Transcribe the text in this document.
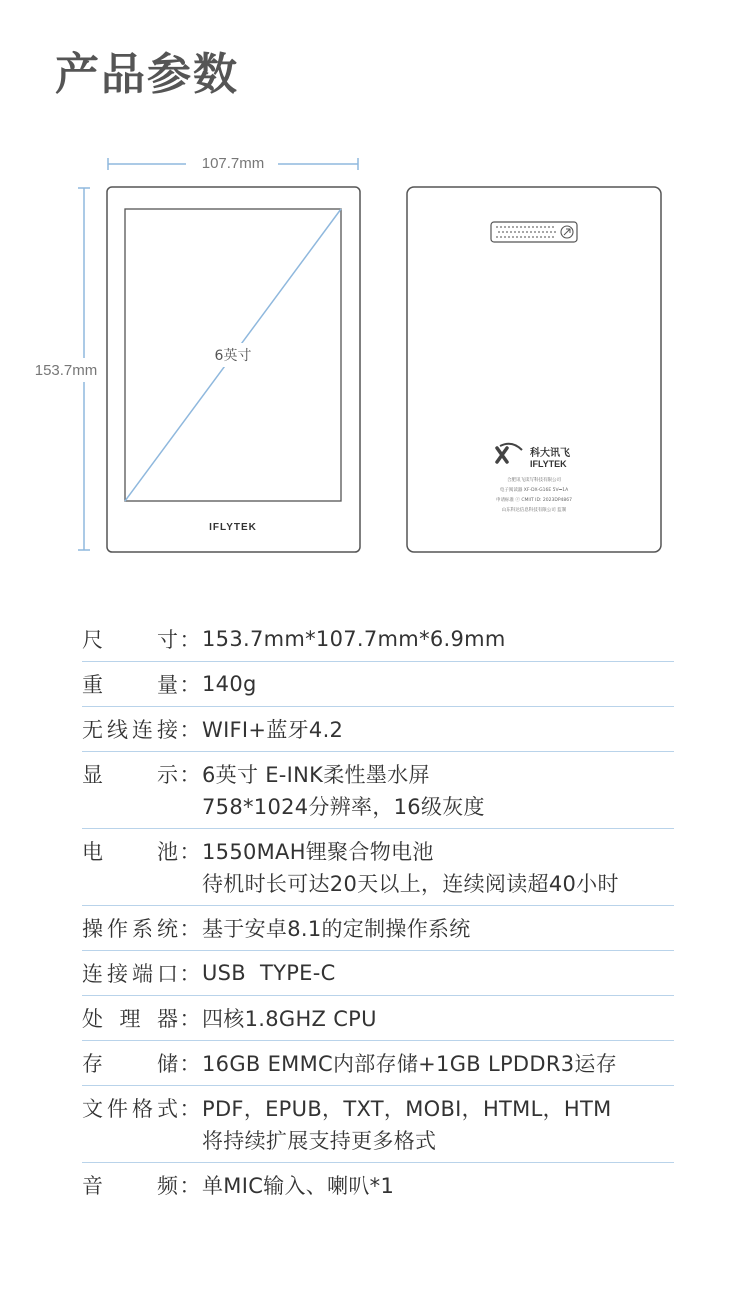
产品参数
107.7mm
153.7mm
6英寸
IFLYTEK
科大讯飞
IFLYTEK
合肥讯飞读写科技有限公司
电子阅读器 XF-DX-G16E 5V⎓1A
申请标准 ⓒ CMIIT ID: 2023DP4867
山东科达信息科技有限公司 监制
尺寸 ： 153.7mm*107.7mm*6.9mm
重量 ： 140g
无线连接 ： WIFI+蓝牙4.2
显示 ： 6英寸 E-INK柔性墨水屏
758*1024分辨率，16级灰度
电池 ： 1550MAH锂聚合物电池
待机时长可达20天以上，连续阅读超40小时
操作系统 ： 基于安卓8.1的定制操作系统
连接端口 ： USB  TYPE-C
处理器 ： 四核1.8GHZ CPU
存储 ： 16GB EMMC内部存储+1GB LPDDR3运存
文件格式 ： PDF，EPUB，TXT，MOBI，HTML，HTM
将持续扩展支持更多格式
音频 ： 单MIC输入、喇叭*1
